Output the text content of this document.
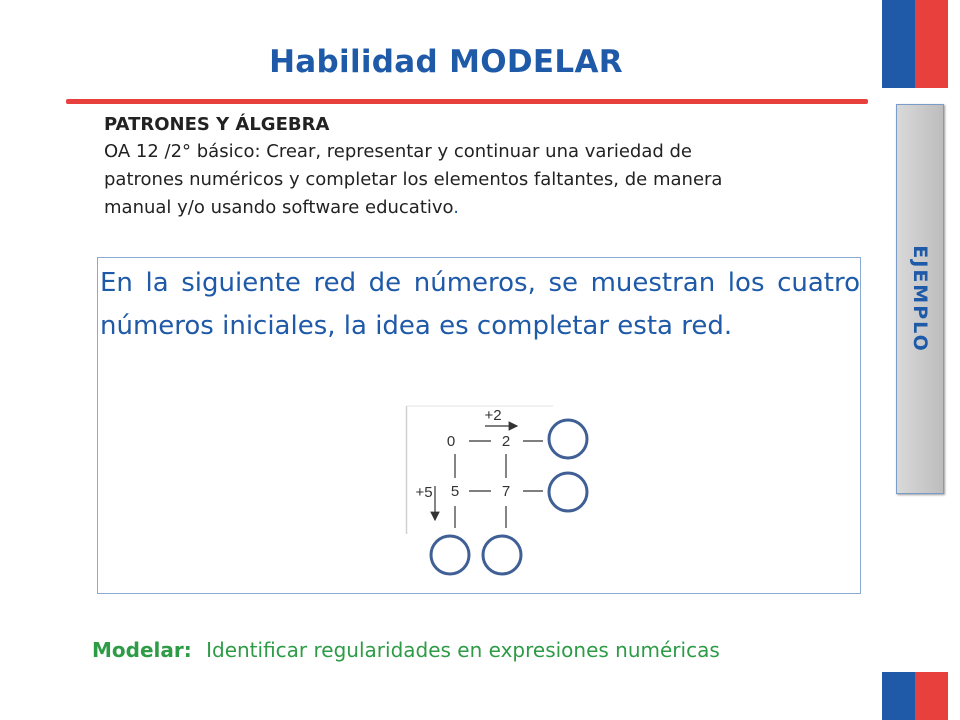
Habilidad MODELAR
PATRONES Y ÁLGEBRA
OA 12 /2° básico: Crear, representar y continuar una variedad de patrones numéricos y completar los elementos faltantes, de manera manual y/o usando software educativo.
EJEMPLO
En la siguiente red de números, se muestran los cuatro números iniciales, la idea es completar esta red.
+2
0	2
+5 5	7
Modelar: Identificar regularidades en expresiones numéricas
